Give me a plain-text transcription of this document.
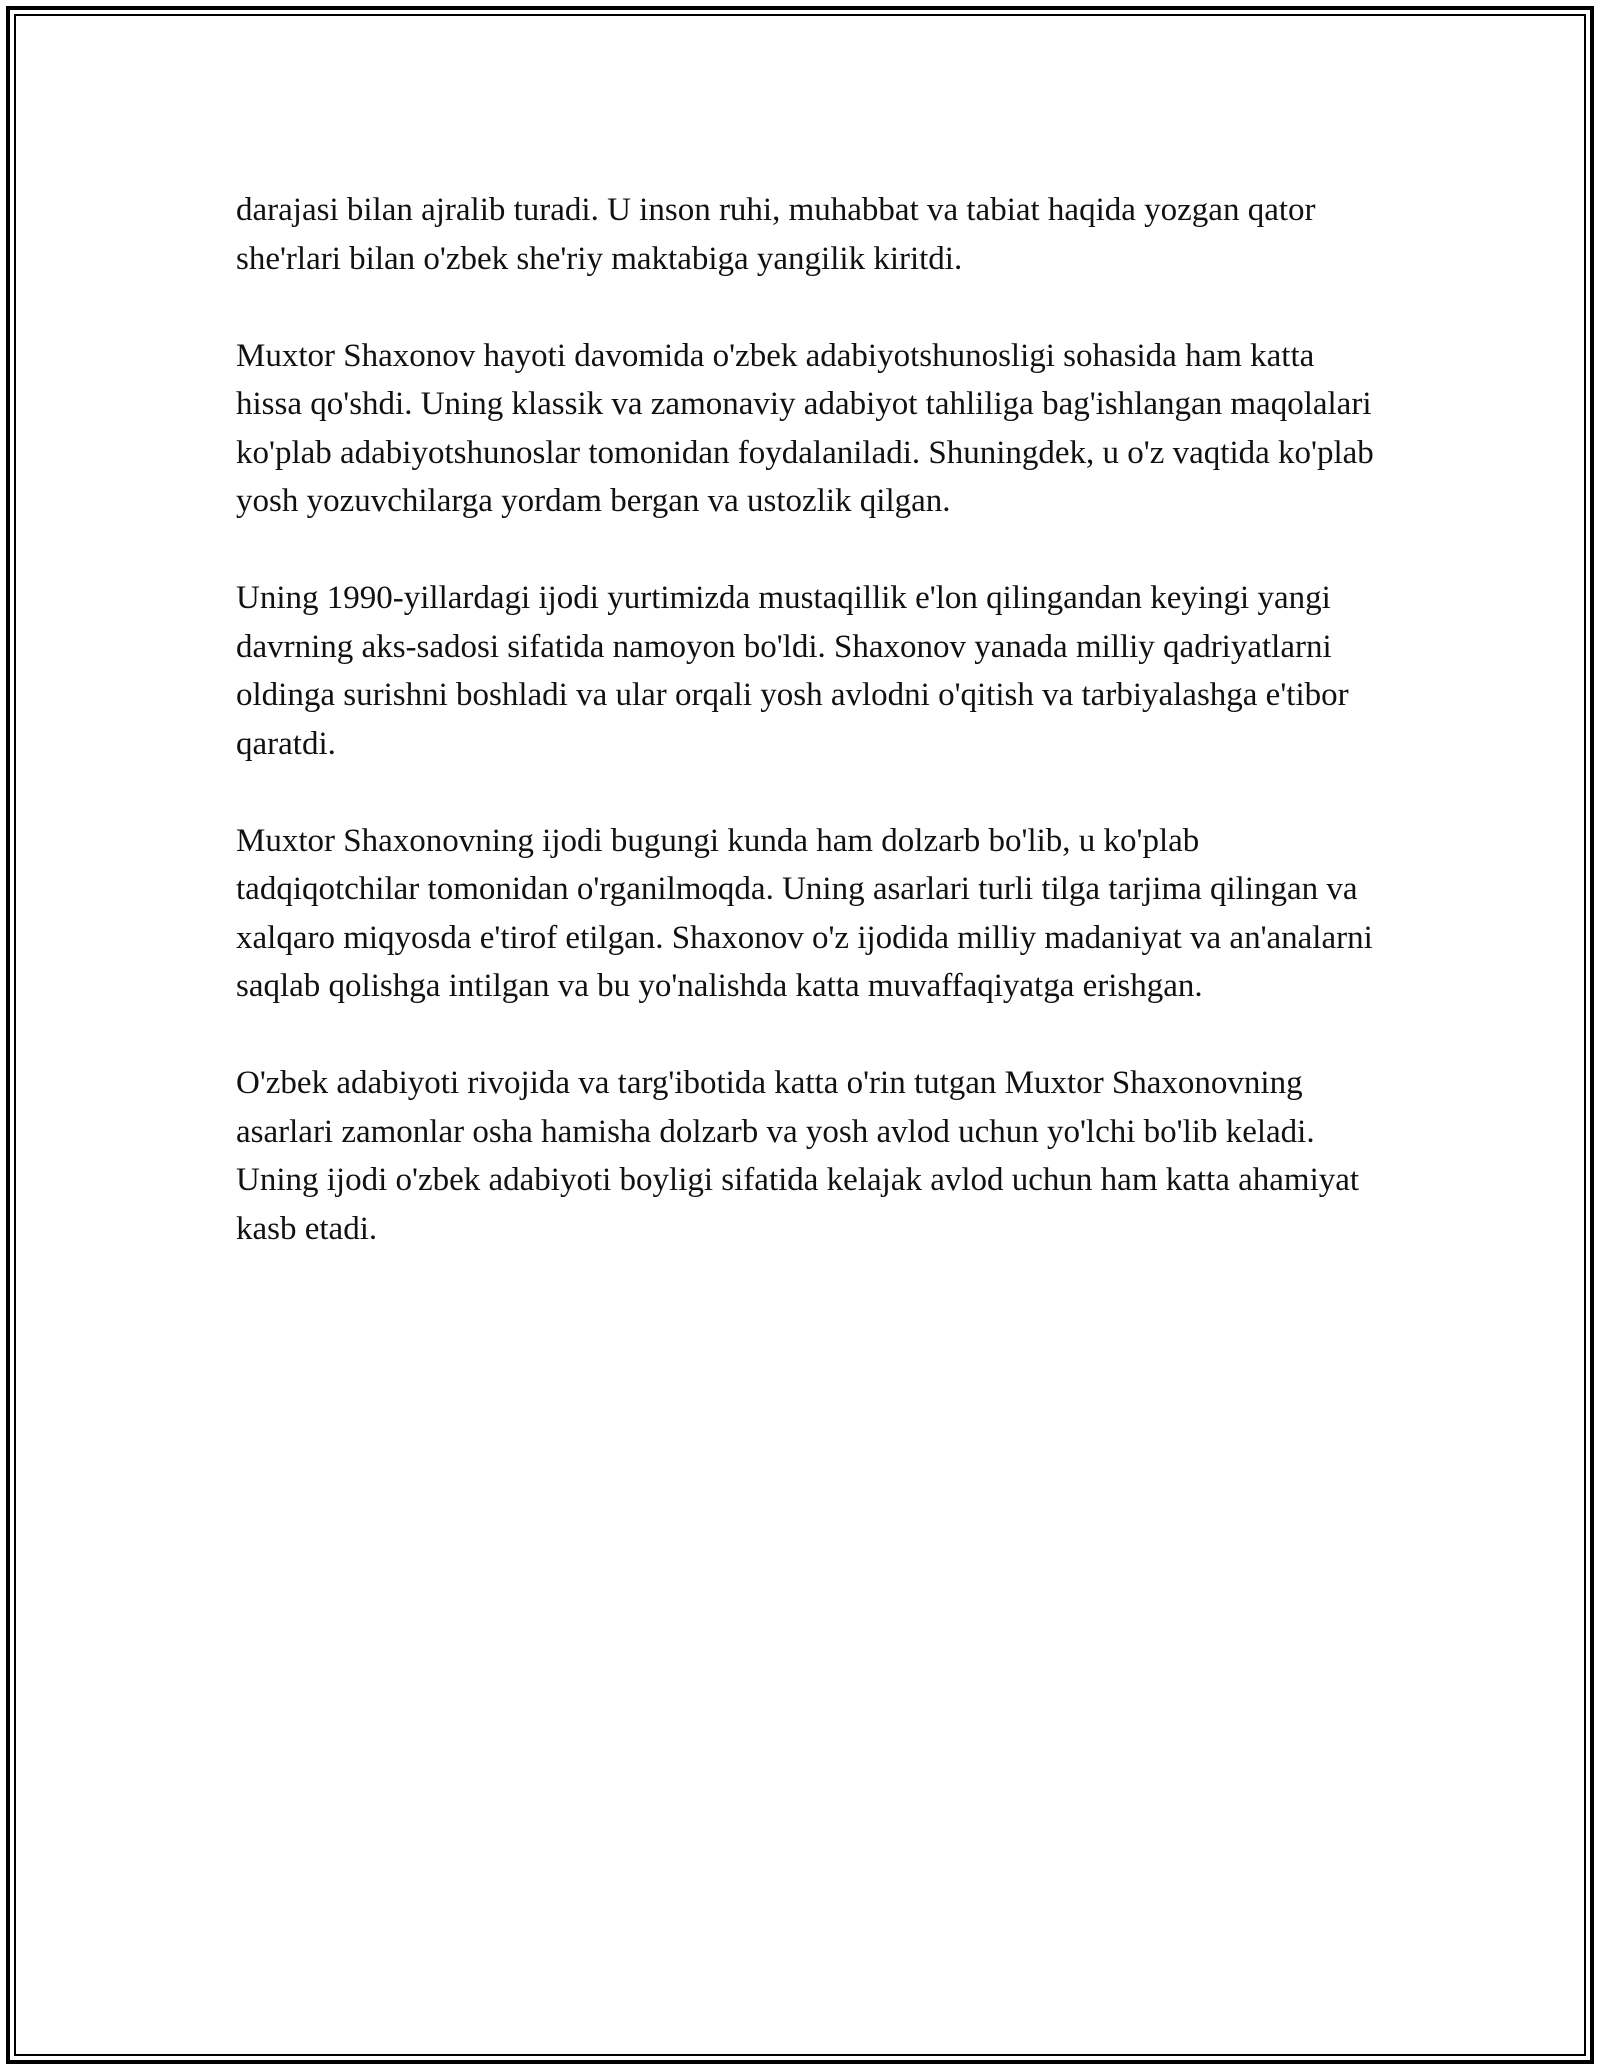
darajasi bilan ajralib turadi. U inson ruhi, muhabbat va tabiat haqida yozgan qator she'rlari bilan o'zbek she'riy maktabiga yangilik kiritdi.

Muxtor Shaxonov hayoti davomida o'zbek adabiyotshunosligi sohasida ham katta hissa qo'shdi. Uning klassik va zamonaviy adabiyot tahliliga bag'ishlangan maqolalari ko'plab adabiyotshunoslar tomonidan foydalaniladi. Shuningdek, u o'z vaqtida ko'plab yosh yozuvchilarga yordam bergan va ustozlik qilgan.

Uning 1990-yillardagi ijodi yurtimizda mustaqillik e'lon qilingandan keyingi yangi davrning aks-sadosi sifatida namoyon bo'ldi. Shaxonov yanada milliy qadriyatlarni oldinga surishni boshladi va ular orqali yosh avlodni o'qitish va tarbiyalashga e'tibor qaratdi.

Muxtor Shaxonovning ijodi bugungi kunda ham dolzarb bo'lib, u ko'plab tadqiqotchilar tomonidan o'rganilmoqda. Uning asarlari turli tilga tarjima qilingan va xalqaro miqyosda e'tirof etilgan. Shaxonov o'z ijodida milliy madaniyat va an'analarni saqlab qolishga intilgan va bu yo'nalishda katta muvaffaqiyatga erishgan.

O'zbek adabiyoti rivojida va targ'ibotida katta o'rin tutgan Muxtor Shaxonovning asarlari zamonlar osha hamisha dolzarb va yosh avlod uchun yo'lchi bo'lib keladi. Uning ijodi o'zbek adabiyoti boyligi sifatida kelajak avlod uchun ham katta ahamiyat kasb etadi.
